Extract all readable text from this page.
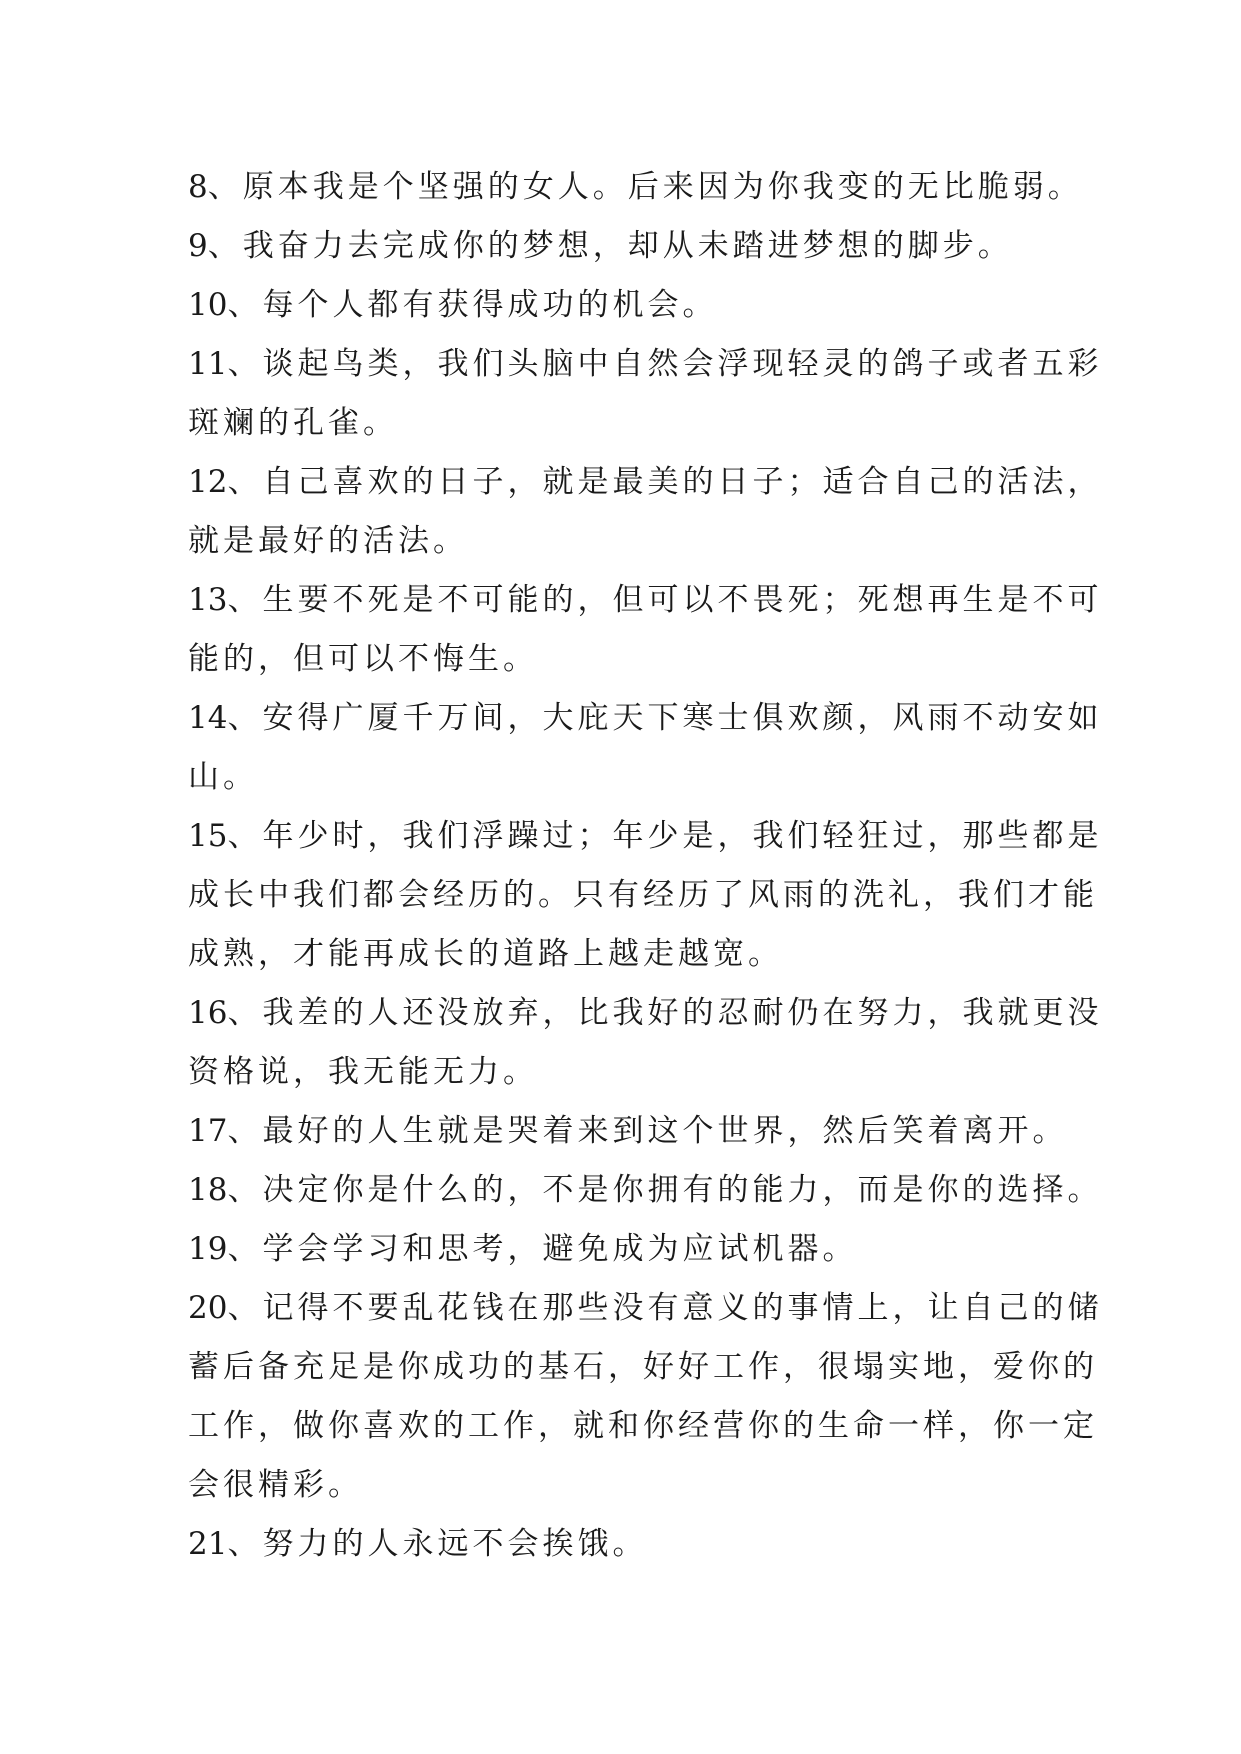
8、原本我是个坚强的女人。后来因为你我变的无比脆弱。

9、我奋力去完成你的梦想，却从未踏进梦想的脚步。

10、每个人都有获得成功的机会。

11、谈起鸟类，我们头脑中自然会浮现轻灵的鸽子或者五彩
斑斓的孔雀。

12、自己喜欢的日子，就是最美的日子；适合自己的活法，
就是最好的活法。

13、生要不死是不可能的，但可以不畏死；死想再生是不可
能的，但可以不悔生。

14、安得广厦千万间，大庇天下寒士俱欢颜，风雨不动安如
山。

15、年少时，我们浮躁过；年少是，我们轻狂过，那些都是
成长中我们都会经历的。只有经历了风雨的洗礼，我们才能
成熟，才能再成长的道路上越走越宽。

16、我差的人还没放弃，比我好的忍耐仍在努力，我就更没
资格说，我无能无力。

17、最好的人生就是哭着来到这个世界，然后笑着离开。

18、决定你是什么的，不是你拥有的能力，而是你的选择。

19、学会学习和思考，避免成为应试机器。

20、记得不要乱花钱在那些没有意义的事情上，让自己的储
蓄后备充足是你成功的基石，好好工作，很塌实地，爱你的
工作，做你喜欢的工作，就和你经营你的生命一样，你一定
会很精彩。

21、努力的人永远不会挨饿。
